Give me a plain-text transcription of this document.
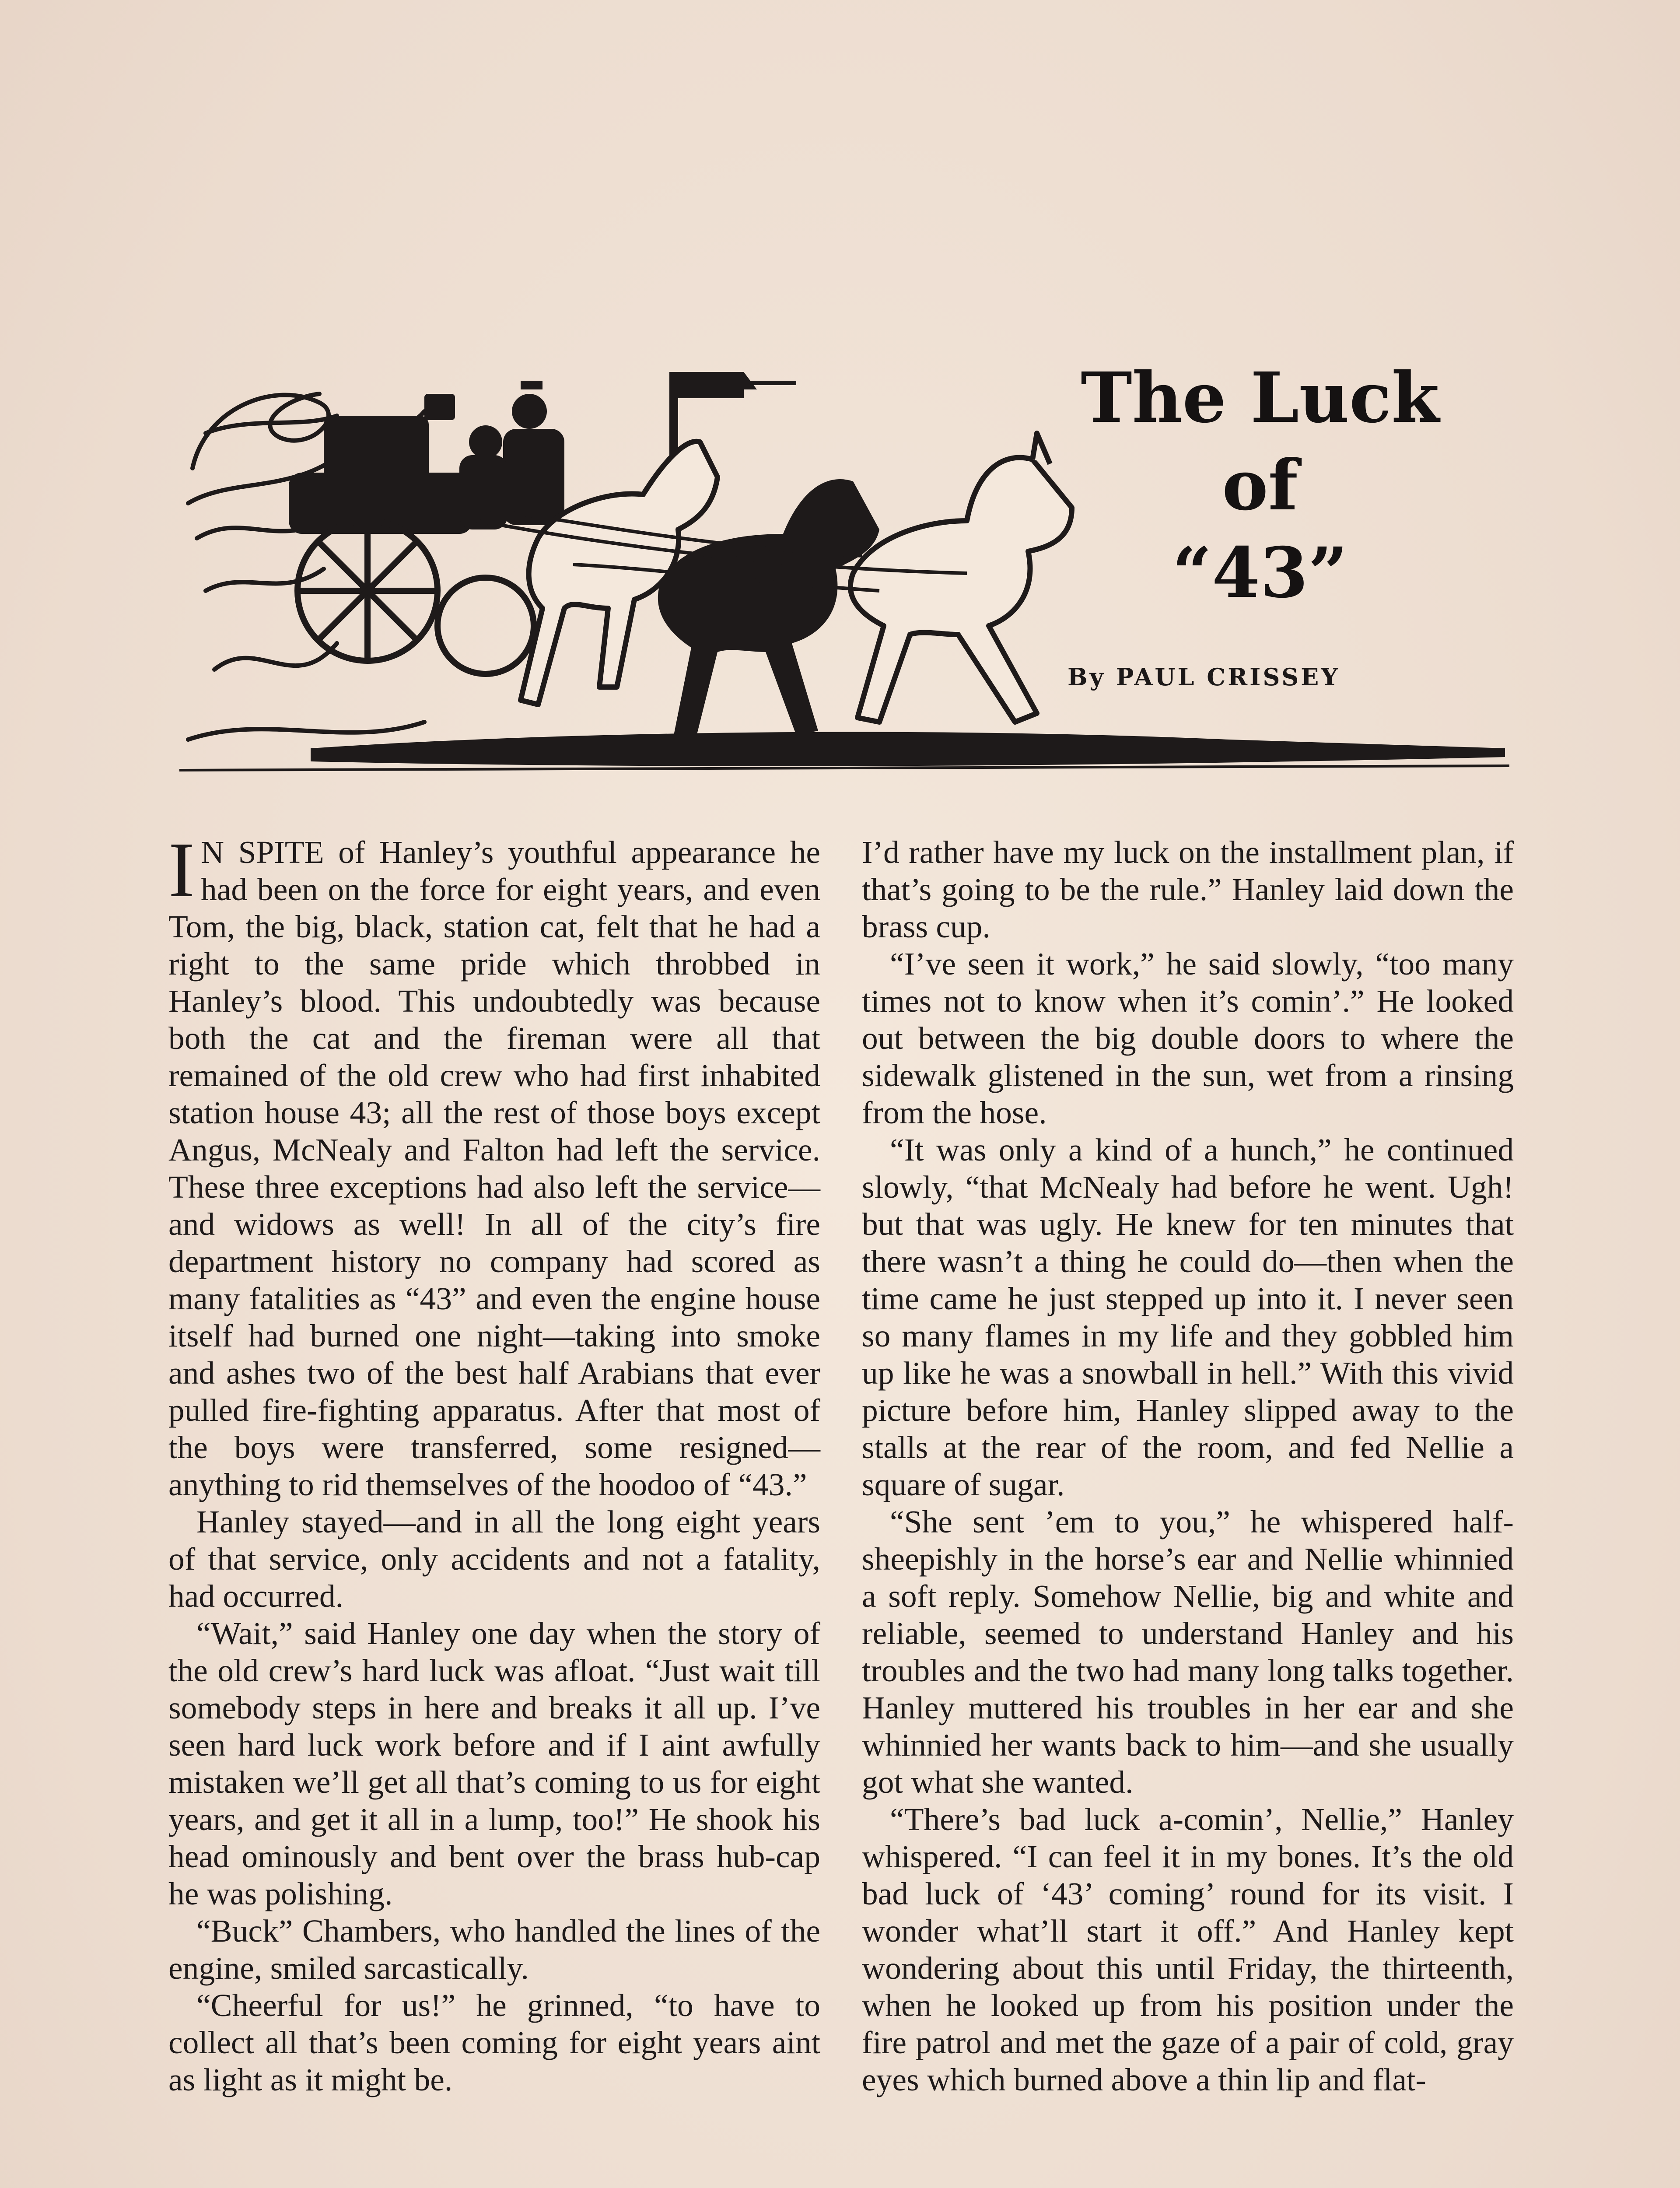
The Luck

of

“43”

By PAUL CRISSEY

I N SPITE of Hanley’s youthful appearance he had been on the force for eight years, and even Tom, the big, black, station cat, felt that he had a right to the same pride which throbbed in Hanley’s blood. This undoubtedly was because both the cat and the fireman were all that remained of the old crew who had first inhabited station house 43; all the rest of those boys except Angus, McNealy and Falton had left the service. These three exceptions had also left the service—and widows as well! In all of the city’s fire department history no company had scored as many fatalities as “43” and even the engine house itself had burned one night—taking into smoke and ashes two of the best half Arabians that ever pulled fire-fighting apparatus. After that most of the boys were transferred, some resigned—anything to rid themselves of the hoodoo of “43.”

Hanley stayed—and in all the long eight years of that service, only accidents and not a fatality, had occurred.

“Wait,” said Hanley one day when the story of the old crew’s hard luck was afloat. “Just wait till somebody steps in here and breaks it all up. I’ve seen hard luck work before and if I aint awfully mistaken we’ll get all that’s coming to us for eight years, and get it all in a lump, too!” He shook his head ominously and bent over the brass hub-cap he was polishing.

“Buck” Chambers, who handled the lines of the engine, smiled sarcastically.

“Cheerful for us!” he grinned, “to have to collect all that’s been coming for eight years aint as light as it might be.

I’d rather have my luck on the installment plan, if that’s going to be the rule.” Hanley laid down the brass cup.

“I’ve seen it work,” he said slowly, “too many times not to know when it’s comin’.” He looked out between the big double doors to where the sidewalk glistened in the sun, wet from a rinsing from the hose.

“It was only a kind of a hunch,” he continued slowly, “that McNealy had before he went. Ugh! but that was ugly. He knew for ten minutes that there wasn’t a thing he could do—then when the time came he just stepped up into it. I never seen so many flames in my life and they gobbled him up like he was a snowball in hell.” With this vivid picture before him, Hanley slipped away to the stalls at the rear of the room, and fed Nellie a square of sugar.

“She sent ’em to you,” he whispered half-sheepishly in the horse’s ear and Nellie whinnied a soft reply. Somehow Nellie, big and white and reliable, seemed to understand Hanley and his troubles and the two had many long talks together. Hanley muttered his troubles in her ear and she whinnied her wants back to him—and she usually got what she wanted.

“There’s bad luck a-comin’, Nellie,” Hanley whispered. “I can feel it in my bones. It’s the old bad luck of ‘43’ coming’ round for its visit. I wonder what’ll start it off.” And Hanley kept wondering about this until Friday, the thirteenth, when he looked up from his position under the fire patrol and met the gaze of a pair of cold, gray eyes which burned above a thin lip and flat-
